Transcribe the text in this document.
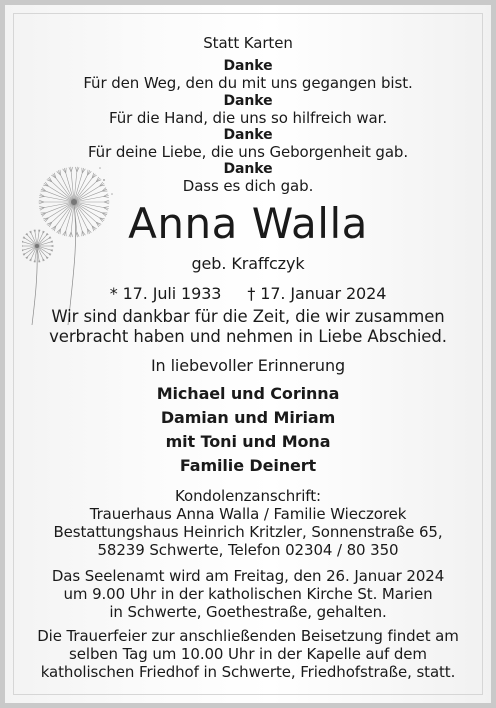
Statt Karten
Danke
Für den Weg, den du mit uns gegangen bist.
Danke
Für die Hand, die uns so hilfreich war.
Danke
Für deine Liebe, die uns Geborgenheit gab.
Danke
Dass es dich gab.
Anna Walla
geb. Kraffczyk
* 17. Juli 1933 † 17. Januar 2024
Wir sind dankbar für die Zeit, die wir zusammen
verbracht haben und nehmen in Liebe Abschied.
In liebevoller Erinnerung
Michael und Corinna
Damian und Miriam
mit Toni und Mona
Familie Deinert
Kondolenzanschrift:
Trauerhaus Anna Walla / Familie Wieczorek
Bestattungshaus Heinrich Kritzler, Sonnenstraße 65,
58239 Schwerte, Telefon 02304 / 80 350
Das Seelenamt wird am Freitag, den 26. Januar 2024
um 9.00 Uhr in der katholischen Kirche St. Marien
in Schwerte, Goethestraße, gehalten.
Die Trauerfeier zur anschließenden Beisetzung findet am
selben Tag um 10.00 Uhr in der Kapelle auf dem
katholischen Friedhof in Schwerte, Friedhofstraße, statt.
